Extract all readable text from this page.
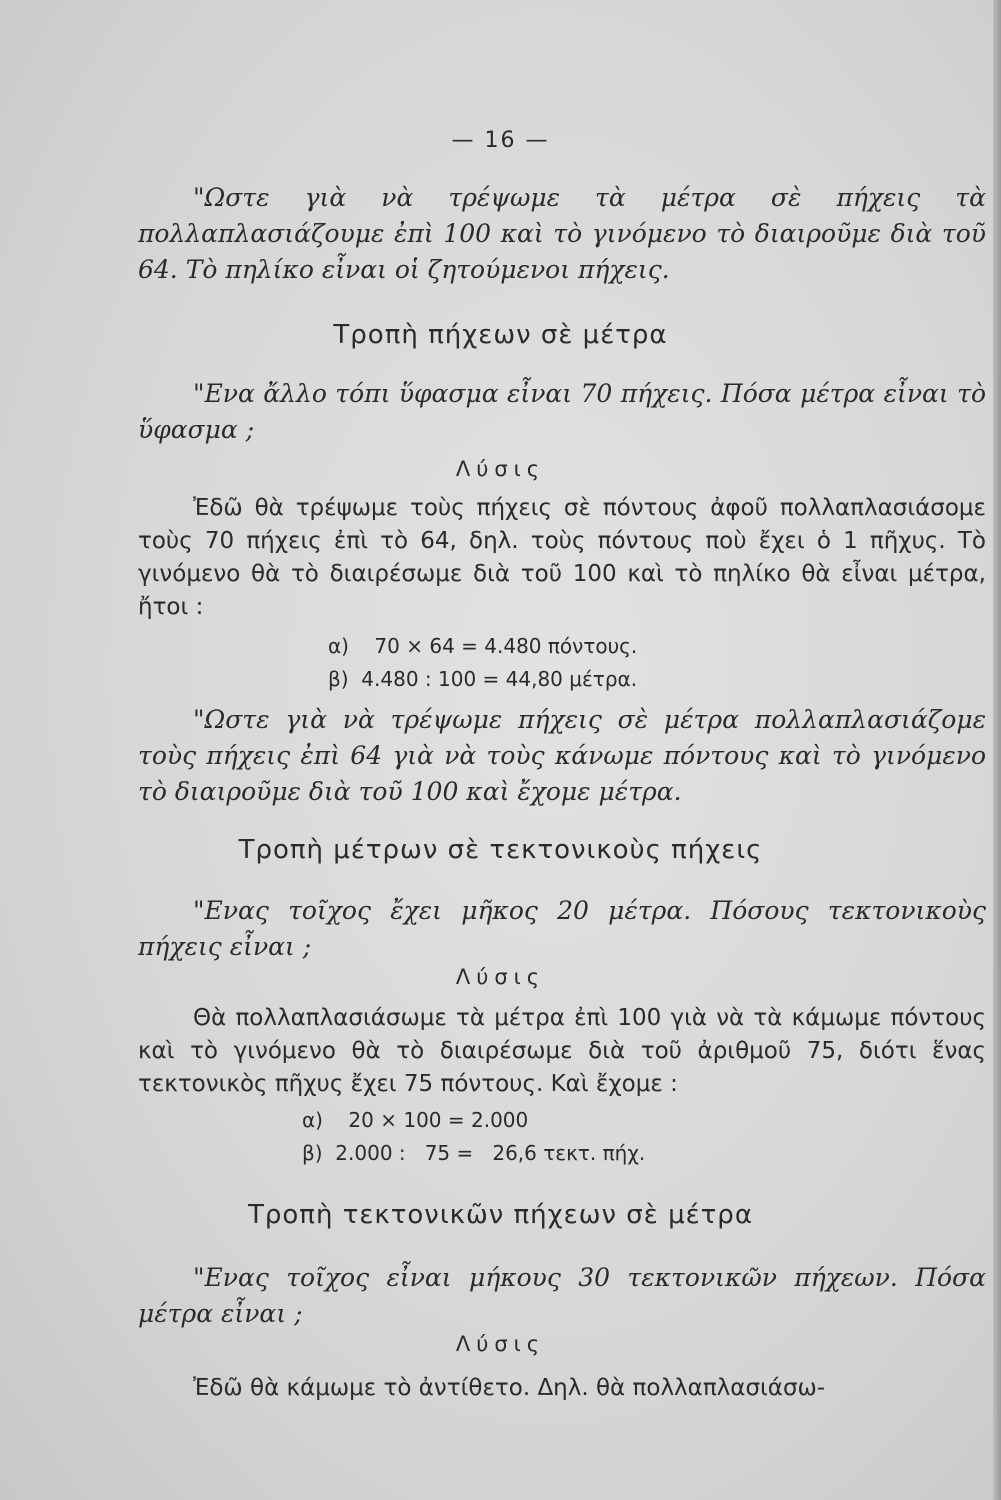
— 16 —
"Ωστε γιὰ νὰ τρέψωμε τὰ μέτρα σὲ πήχεις τὰ πολλαπλασιάζουμε ἐπὶ 100 καὶ τὸ γινόμενο τὸ διαιροῦμε διὰ τοῦ 64. Τὸ πηλίκο εἶναι οἱ ζητούμενοι πήχεις.
Τροπὴ πήχεων σὲ μέτρα
"Ενα ἄλλο τόπι ὕφασμα εἶναι 70 πήχεις. Πόσα μέτρα εἶναι τὸ ὕφασμα ;
Λύσις
Ἐδῶ θὰ τρέψωμε τοὺς πήχεις σὲ πόντους ἀφοῦ πολλαπλασιάσομε τοὺς 70 πήχεις ἐπὶ τὸ 64, δηλ. τοὺς πόντους ποὺ ἔχει ὁ 1 πῆχυς. Τὸ γινόμενο θὰ τὸ διαιρέσωμε διὰ τοῦ 100 καὶ τὸ πηλίκο θὰ εἶναι μέτρα, ἤτοι :
α)    70 × 64 = 4.480 πόντους.
β)  4.480 : 100 = 44,80 μέτρα.
"Ωστε γιὰ νὰ τρέψωμε πήχεις σὲ μέτρα πολλαπλασιάζομε τοὺς πήχεις ἐπὶ 64 γιὰ νὰ τοὺς κάνωμε πόντους καὶ τὸ γινόμενο τὸ διαιροῦμε διὰ τοῦ 100 καὶ ἔχομε μέτρα.
Τροπὴ μέτρων σὲ τεκτονικοὺς πήχεις
"Ενας τοῖχος ἔχει μῆκος 20 μέτρα. Πόσους τεκτονικοὺς πήχεις εἶναι ;
Λύσις
Θὰ πολλαπλασιάσωμε τὰ μέτρα ἐπὶ 100 γιὰ νὰ τὰ κάμωμε πόντους καὶ τὸ γινόμενο θὰ τὸ διαιρέσωμε διὰ τοῦ ἀριθμοῦ 75, διότι ἕνας τεκτονικὸς πῆχυς ἔχει 75 πόντους. Καὶ ἔχομε :
α)    20 × 100 = 2.000
β)  2.000 :   75 =   26,6 τεκτ. πήχ.
Τροπὴ τεκτονικῶν πήχεων σὲ μέτρα
"Ενας τοῖχος εἶναι μήκους 30 τεκτονικῶν πήχεων. Πόσα μέτρα εἶναι ;
Λύσις
Ἐδῶ θὰ κάμωμε τὸ ἀντίθετο. Δηλ. θὰ πολλαπλασιάσω-
